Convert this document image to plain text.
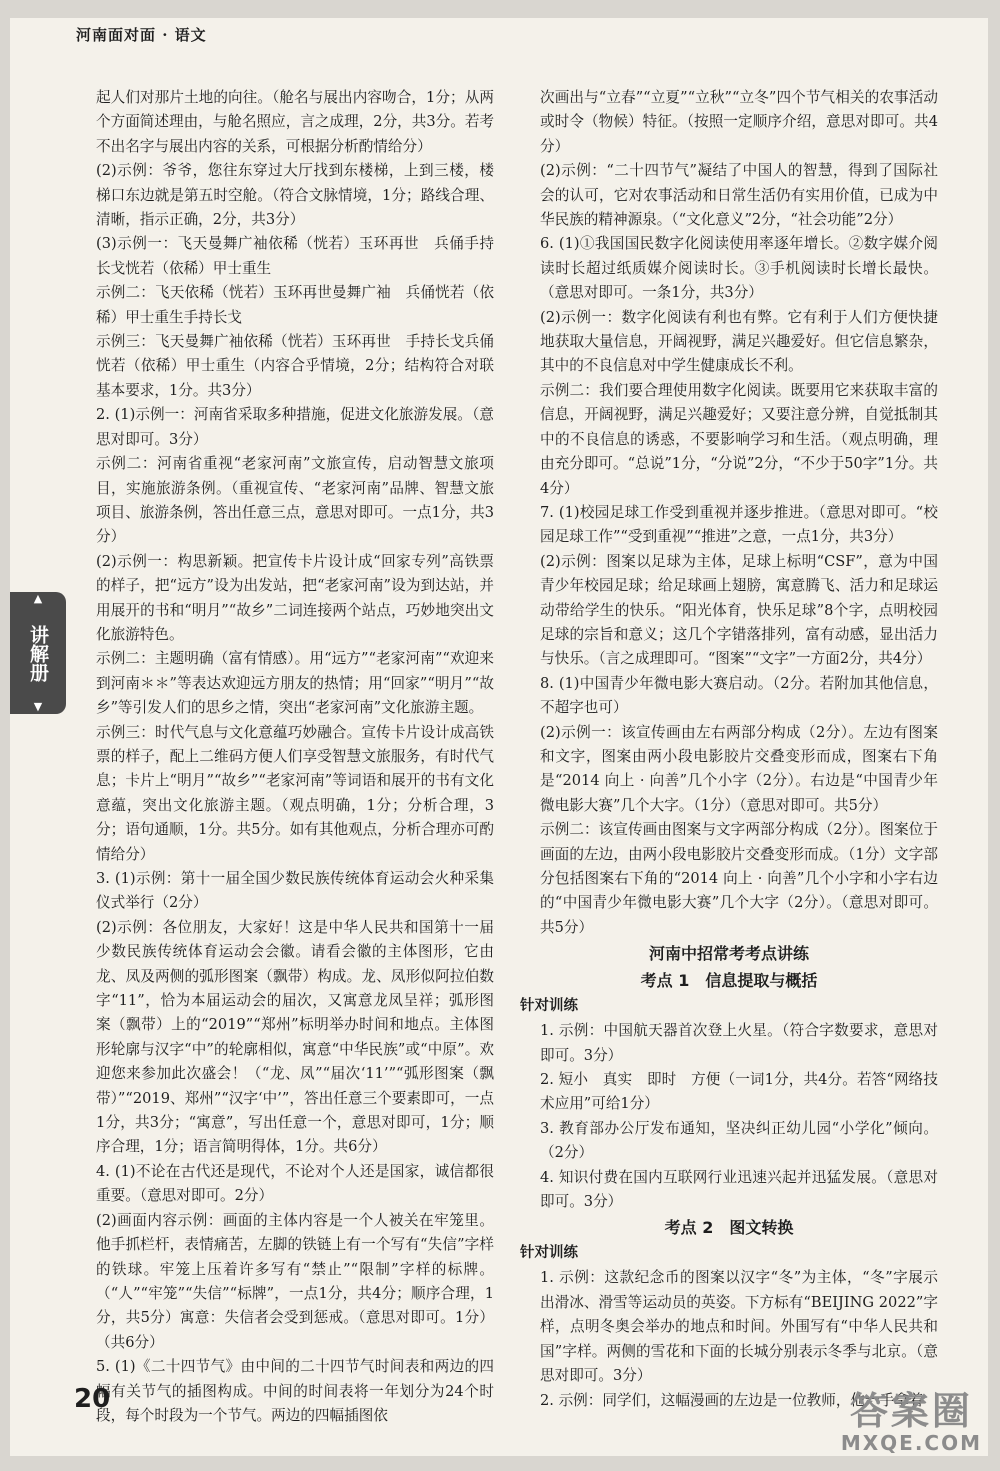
河南面对面 · 语文
▲
讲解册
▼

起人们对那片土地的向往。（舱名与展出内容吻合，1分；从两个方面简述理由，与舱名照应，言之成理，2分，共3分。若考不出名字与展出内容的关系，可根据分析酌情给分）

(2)示例：爷爷，您往东穿过大厅找到东楼梯，上到三楼，楼梯口东边就是第五时空舱。（符合文脉情境，1分；路线合理、清晰，指示正确，2分，共3分）

(3)示例一：飞天曼舞广袖依稀（恍若）玉环再世　兵俑手持长戈恍若（依稀）甲士重生

示例二：飞天依稀（恍若）玉环再世曼舞广袖　兵俑恍若（依稀）甲士重生手持长戈

示例三：飞天曼舞广袖依稀（恍若）玉环再世　手持长戈兵俑恍若（依稀）甲士重生（内容合乎情境，2分；结构符合对联基本要求，1分。共3分）

2. (1)示例一：河南省采取多种措施，促进文化旅游发展。（意思对即可。3分）

示例二：河南省重视“老家河南”文旅宣传，启动智慧文旅项目，实施旅游条例。（重视宣传、“老家河南”品牌、智慧文旅项目、旅游条例，答出任意三点，意思对即可。一点1分，共3分）

(2)示例一：构思新颖。把宣传卡片设计成“回家专列”高铁票的样子，把“远方”设为出发站，把“老家河南”设为到达站，并用展开的书和“明月”“故乡”二词连接两个站点，巧妙地突出文化旅游特色。

示例二：主题明确（富有情感）。用“远方”“老家河南”“欢迎来到河南＊＊”等表达欢迎远方朋友的热情；用“回家”“明月”“故乡”等引发人们的思乡之情，突出“老家河南”文化旅游主题。

示例三：时代气息与文化意蕴巧妙融合。宣传卡片设计成高铁票的样子，配上二维码方便人们享受智慧文旅服务，有时代气息；卡片上“明月”“故乡”“老家河南”等词语和展开的书有文化意蕴，突出文化旅游主题。（观点明确，1分；分析合理，3分；语句通顺，1分。共5分。如有其他观点，分析合理亦可酌情给分）

3. (1)示例：第十一届全国少数民族传统体育运动会火种采集仪式举行（2分）

(2)示例：各位朋友，大家好！这是中华人民共和国第十一届少数民族传统体育运动会会徽。请看会徽的主体图形，它由龙、凤及两侧的弧形图案（飘带）构成。龙、凤形似阿拉伯数字“11”，恰为本届运动会的届次，又寓意龙凤呈祥；弧形图案（飘带）上的“2019”“郑州”标明举办时间和地点。主体图形轮廓与汉字“中”的轮廓相似，寓意“中华民族”或“中原”。欢迎您来参加此次盛会！（“龙、凤”“届次‘11’”“弧形图案（飘带）”“2019、郑州”“汉字‘中’”，答出任意三个要素即可，一点1分，共3分；“寓意”，写出任意一个，意思对即可，1分；顺序合理，1分；语言简明得体，1分。共6分）

4. (1)不论在古代还是现代，不论对个人还是国家，诚信都很重要。（意思对即可。2分）

(2)画面内容示例：画面的主体内容是一个人被关在牢笼里。他手抓栏杆，表情痛苦，左脚的铁链上有一个写有“失信”字样的铁球。牢笼上压着许多写有“禁止”“限制”字样的标牌。（“人”“牢笼”“失信”“标牌”，一点1分，共4分；顺序合理，1分，共5分）寓意：失信者会受到惩戒。（意思对即可。1分）（共6分）

5. (1)《二十四节气》由中间的二十四节气时间表和两边的四幅有关节气的插图构成。中间的时间表将一年划分为24个时段，每个时段为一个节气。两边的四幅插图依

次画出与“立春”“立夏”“立秋”“立冬”四个节气相关的农事活动或时令（物候）特征。（按照一定顺序介绍，意思对即可。共4分）

(2)示例：“二十四节气”凝结了中国人的智慧，得到了国际社会的认可，它对农事活动和日常生活仍有实用价值，已成为中华民族的精神源泉。（“文化意义”2分，“社会功能”2分）

6. (1)①我国国民数字化阅读使用率逐年增长。②数字媒介阅读时长超过纸质媒介阅读时长。③手机阅读时长增长最快。（意思对即可。一条1分，共3分）

(2)示例一：数字化阅读有利也有弊。它有利于人们方便快捷地获取大量信息，开阔视野，满足兴趣爱好。但它信息繁杂，其中的不良信息对中学生健康成长不利。

示例二：我们要合理使用数字化阅读。既要用它来获取丰富的信息，开阔视野，满足兴趣爱好；又要注意分辨，自觉抵制其中的不良信息的诱惑，不要影响学习和生活。（观点明确，理由充分即可。“总说”1分，“分说”2分，“不少于50字”1分。共4分）

7. (1)校园足球工作受到重视并逐步推进。（意思对即可。“校园足球工作”“受到重视”“推进”之意，一点1分，共3分）

(2)示例：图案以足球为主体，足球上标明“CSF”，意为中国青少年校园足球；给足球画上翅膀，寓意腾飞、活力和足球运动带给学生的快乐。“阳光体育，快乐足球”8个字，点明校园足球的宗旨和意义；这几个字错落排列，富有动感，显出活力与快乐。（言之成理即可。“图案”“文字”一方面2分，共4分）

8. (1)中国青少年微电影大赛启动。（2分。若附加其他信息，不超字也可）

(2)示例一：该宣传画由左右两部分构成（2分）。左边有图案和文字，图案由两小段电影胶片交叠变形而成，图案右下角是“2014 向上 · 向善”几个小字（2分）。右边是“中国青少年微电影大赛”几个大字。（1分）（意思对即可。共5分）

示例二：该宣传画由图案与文字两部分构成（2分）。图案位于画面的左边，由两小段电影胶片交叠变形而成。（1分）文字部分包括图案右下角的“2014 向上 · 向善”几个小字和小字右边的“中国青少年微电影大赛”几个大字（2分）。（意思对即可。共5分）

河南中招常考考点讲练
考点 1　信息提取与概括
针对训练

1. 示例：中国航天器首次登上火星。（符合字数要求，意思对即可。3分）

2. 短小　真实　即时　方便（一词1分，共4分。若答“网络技术应用”可给1分）

3. 教育部办公厅发布通知，坚决纠正幼儿园“小学化”倾向。（2分）

4. 知识付费在国内互联网行业迅速兴起并迅猛发展。（意思对即可。3分）

考点 2　图文转换
针对训练

1. 示例：这款纪念币的图案以汉字“冬”为主体，“冬”字展示出滑冰、滑雪等运动员的英姿。下方标有“BEIJING 2022”字样，点明冬奥会举办的地点和时间。外围写有“中华人民共和国”字样。两侧的雪花和下面的长城分别表示冬季与北京。（意思对即可。3分）

2. 示例：同学们，这幅漫画的左边是一位教师，他一手拿着

20	答案圈
MXQE.COM
